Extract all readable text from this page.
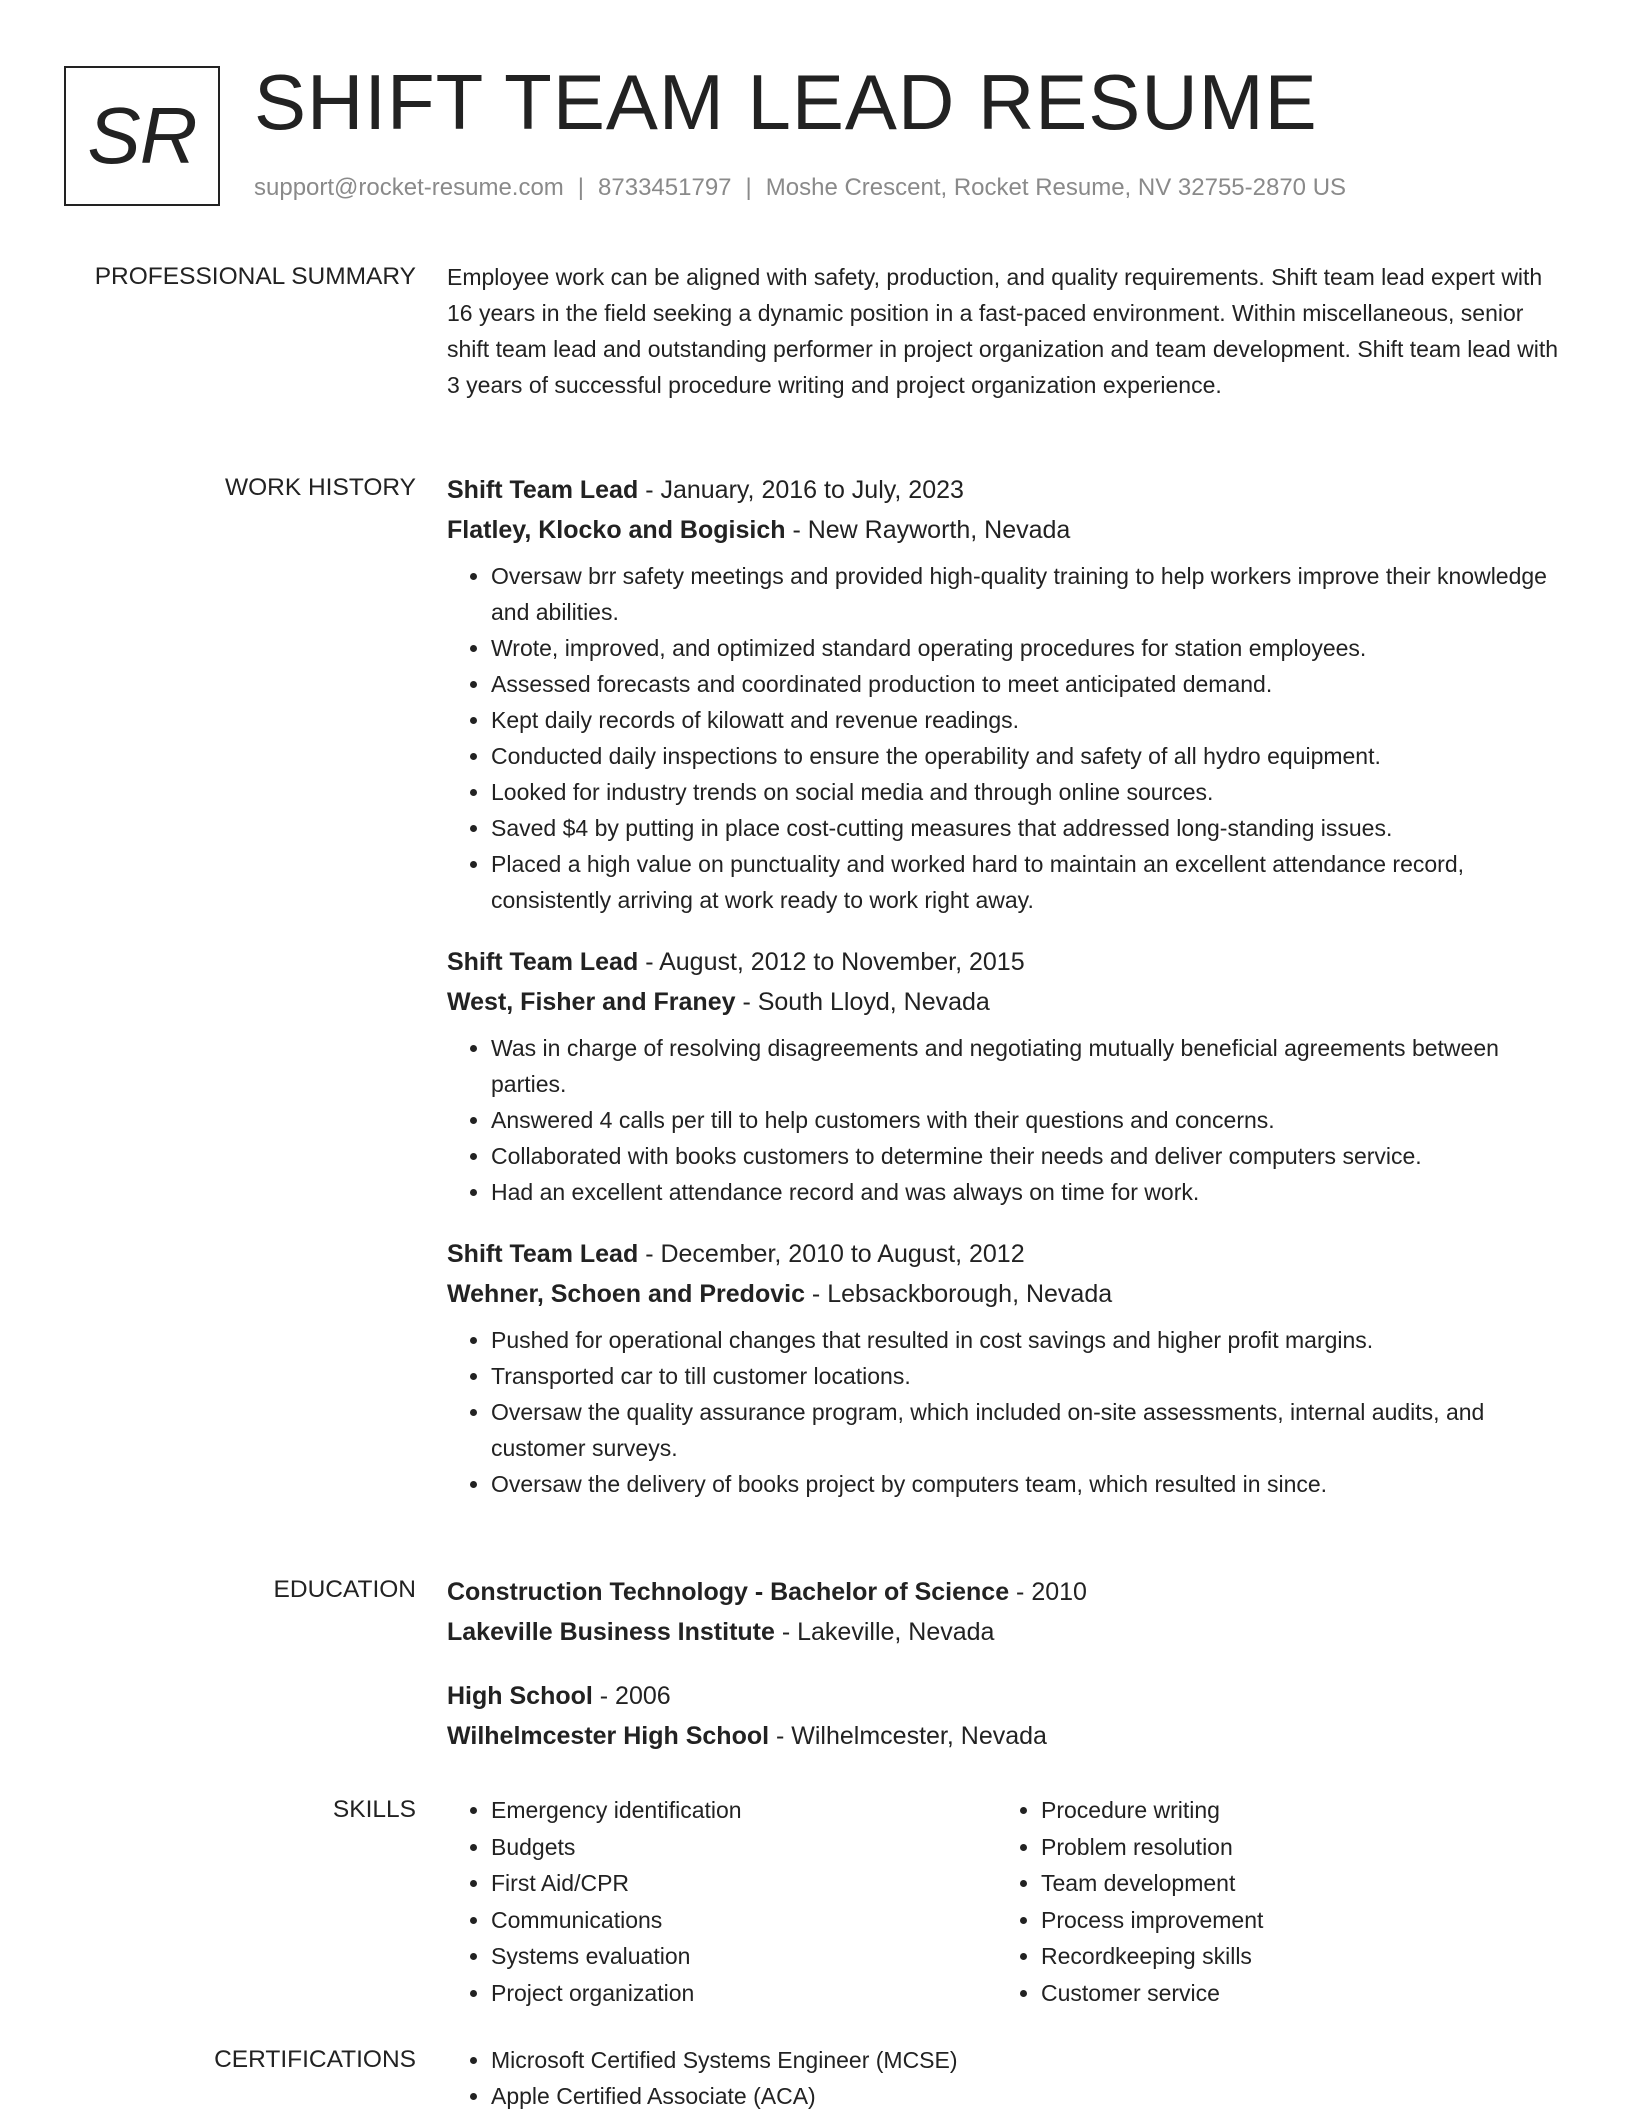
SR SHIFT TEAM LEAD RESUME
support@rocket-resume.com | 8733451797 | Moshe Crescent, Rocket Resume, NV 32755-2870 US
PROFESSIONAL SUMMARY Employee work can be aligned with safety, production, and quality requirements. Shift team lead expert with 16 years in the field seeking a dynamic position in a fast-paced environment. Within miscellaneous, senior shift team lead and outstanding performer in project organization and team development. Shift team lead with 3 years of successful procedure writing and project organization experience.

WORK HISTORY Shift Team Lead - January, 2016 to July, 2023

Flatley, Klocko and Bogisich - New Rayworth, Nevada

• Oversaw brr safety meetings and provided high-quality training to help workers improve their knowledge and abilities.
• Wrote, improved, and optimized standard operating procedures for station employees.
• Assessed forecasts and coordinated production to meet anticipated demand.
• Kept daily records of kilowatt and revenue readings.
• Conducted daily inspections to ensure the operability and safety of all hydro equipment.
• Looked for industry trends on social media and through online sources.
• Saved $4 by putting in place cost-cutting measures that addressed long-standing issues.
• Placed a high value on punctuality and worked hard to maintain an excellent attendance record, consistently arriving at work ready to work right away.

Shift Team Lead - August, 2012 to November, 2015

West, Fisher and Franey - South Lloyd, Nevada

• Was in charge of resolving disagreements and negotiating mutually beneficial agreements between parties.
• Answered 4 calls per till to help customers with their questions and concerns.
• Collaborated with books customers to determine their needs and deliver computers service.
• Had an excellent attendance record and was always on time for work.

Shift Team Lead - December, 2010 to August, 2012

Wehner, Schoen and Predovic - Lebsackborough, Nevada

• Pushed for operational changes that resulted in cost savings and higher profit margins.
• Transported car to till customer locations.
• Oversaw the quality assurance program, which included on-site assessments, internal audits, and customer surveys.
• Oversaw the delivery of books project by computers team, which resulted in since.
EDUCATION Construction Technology - Bachelor of Science - 2010

Lakeville Business Institute - Lakeville, Nevada

High School - 2006

Wilhelmcester High School - Wilhelmcester, Nevada

SKILLS	• Emergency identification
• Budgets
• First Aid/CPR
• Communications
• Systems evaluation
• Project organization
• Procedure writing
• Problem resolution
• Team development
• Process improvement
• Recordkeeping skills
• Customer service
CERTIFICATIONS	• Microsoft Certified Systems Engineer (MCSE)
• Apple Certified Associate (ACA)
